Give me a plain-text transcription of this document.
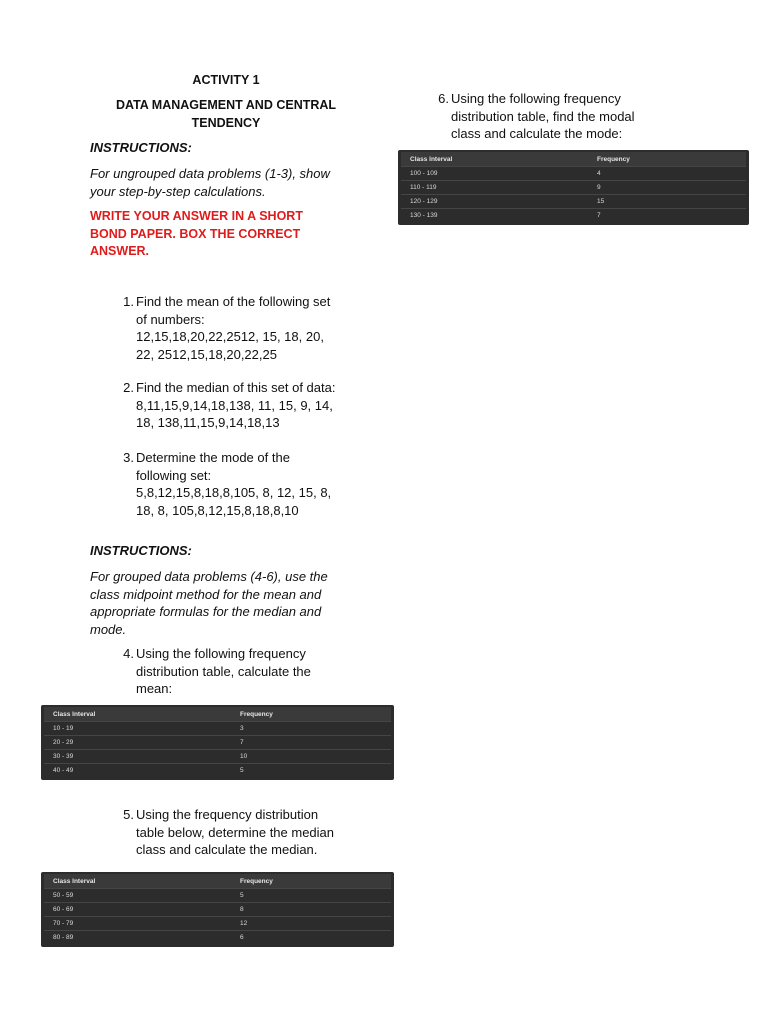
ACTIVITY 1
DATA MANAGEMENT AND CENTRAL
TENDENCY
INSTRUCTIONS:
For ungrouped data problems (1-3), show
your step-by-step calculations.
WRITE YOUR ANSWER IN A SHORT
BOND PAPER. BOX THE CORRECT
ANSWER.
1. Find the mean of the following set
of numbers:
12,15,18,20,22,2512, 15, 18, 20,
22, 2512,15,18,20,22,25
2. Find the median of this set of data:
8,11,15,9,14,18,138, 11, 15, 9, 14,
18, 138,11,15,9,14,18,13
3. Determine the mode of the
following set:
5,8,12,15,8,18,8,105, 8, 12, 15, 8,
18, 8, 105,8,12,15,8,18,8,10
INSTRUCTIONS:
For grouped data problems (4-6), use the
class midpoint method for the mean and
appropriate formulas for the median and
mode.
4. Using the following frequency
distribution table, calculate the
mean:
Class Interval	Frequency
10 - 19	3
20 - 29	7
30 - 39	10
40 - 49	5
5. Using the frequency distribution
table below, determine the median
class and calculate the median.
Class Interval	Frequency
50 - 59	5
60 - 69	8
70 - 79	12
80 - 89	6
6. Using the following frequency
distribution table, find the modal
class and calculate the mode:
Class Interval	Frequency
100 - 109	4
110 - 119	9
120 - 129	15
130 - 139	7
